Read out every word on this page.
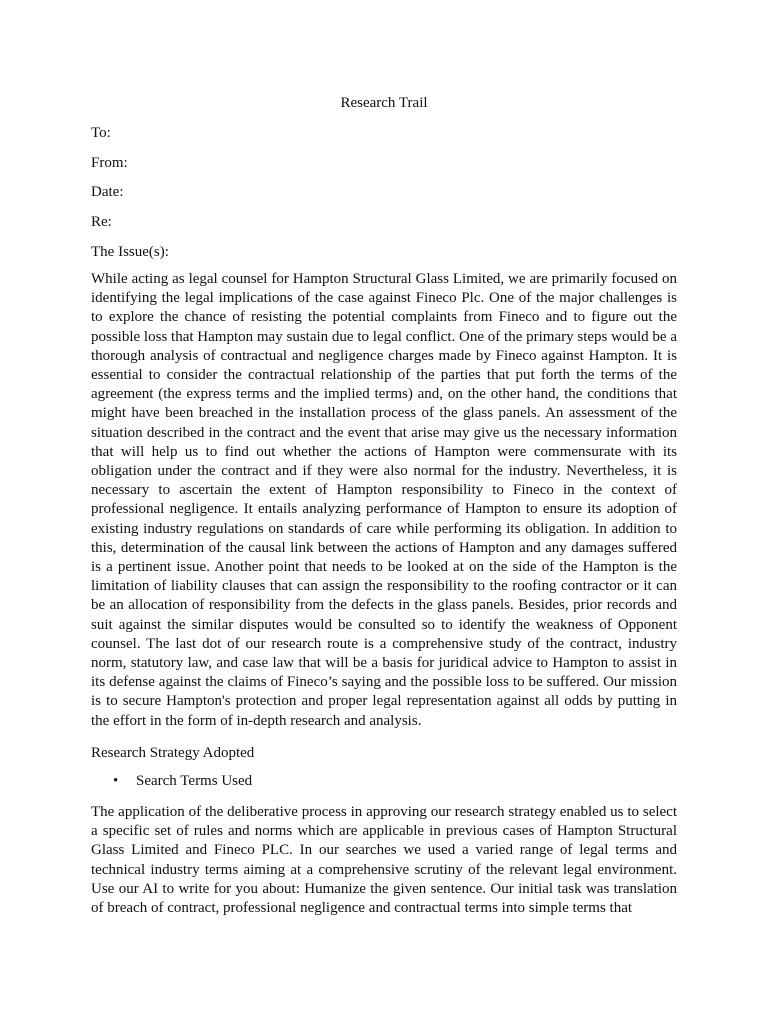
Research Trail
To:
From:
Date:
Re:
The Issue(s):

While acting as legal counsel for Hampton Structural Glass Limited, we are primarily focused on identifying the legal implications of the case against Fineco Plc. One of the major challenges is to explore the chance of resisting the potential complaints from Fineco and to figure out the possible loss that Hampton may sustain due to legal conflict. One of the primary steps would be a thorough analysis of contractual and negligence charges made by Fineco against Hampton. It is essential to consider the contractual relationship of the parties that put forth the terms of the agreement (the express terms and the implied terms) and, on the other hand, the conditions that might have been breached in the installation process of the glass panels. An assessment of the situation described in the contract and the event that arise may give us the necessary information that will help us to find out whether the actions of Hampton were commensurate with its obligation under the contract and if they were also normal for the industry. Nevertheless, it is necessary to ascertain the extent of Hampton responsibility to Fineco in the context of professional negligence. It entails analyzing performance of Hampton to ensure its adoption of existing industry regulations on standards of care while performing its obligation. In addition to this, determination of the causal link between the actions of Hampton and any damages suffered is a pertinent issue. Another point that needs to be looked at on the side of the Hampton is the limitation of liability clauses that can assign the responsibility to the roofing contractor or it can be an allocation of responsibility from the defects in the glass panels. Besides, prior records and suit against the similar disputes would be consulted so to identify the weakness of Opponent counsel. The last dot of our research route is a comprehensive study of the contract, industry norm, statutory law, and case law that will be a basis for juridical advice to Hampton to assist in its defense against the claims of Fineco’s saying and the possible loss to be suffered. Our mission is to secure Hampton's protection and proper legal representation against all odds by putting in the effort in the form of in-depth research and analysis.

Research Strategy Adopted
• Search Terms Used

The application of the deliberative process in approving our research strategy enabled us to select a specific set of rules and norms which are applicable in previous cases of Hampton Structural Glass Limited and Fineco PLC. In our searches we used a varied range of legal terms and technical industry terms aiming at a comprehensive scrutiny of the relevant legal environment. Use our AI to write for you about: Humanize the given sentence. Our initial task was translation of breach of contract, professional negligence and contractual terms into simple terms that
